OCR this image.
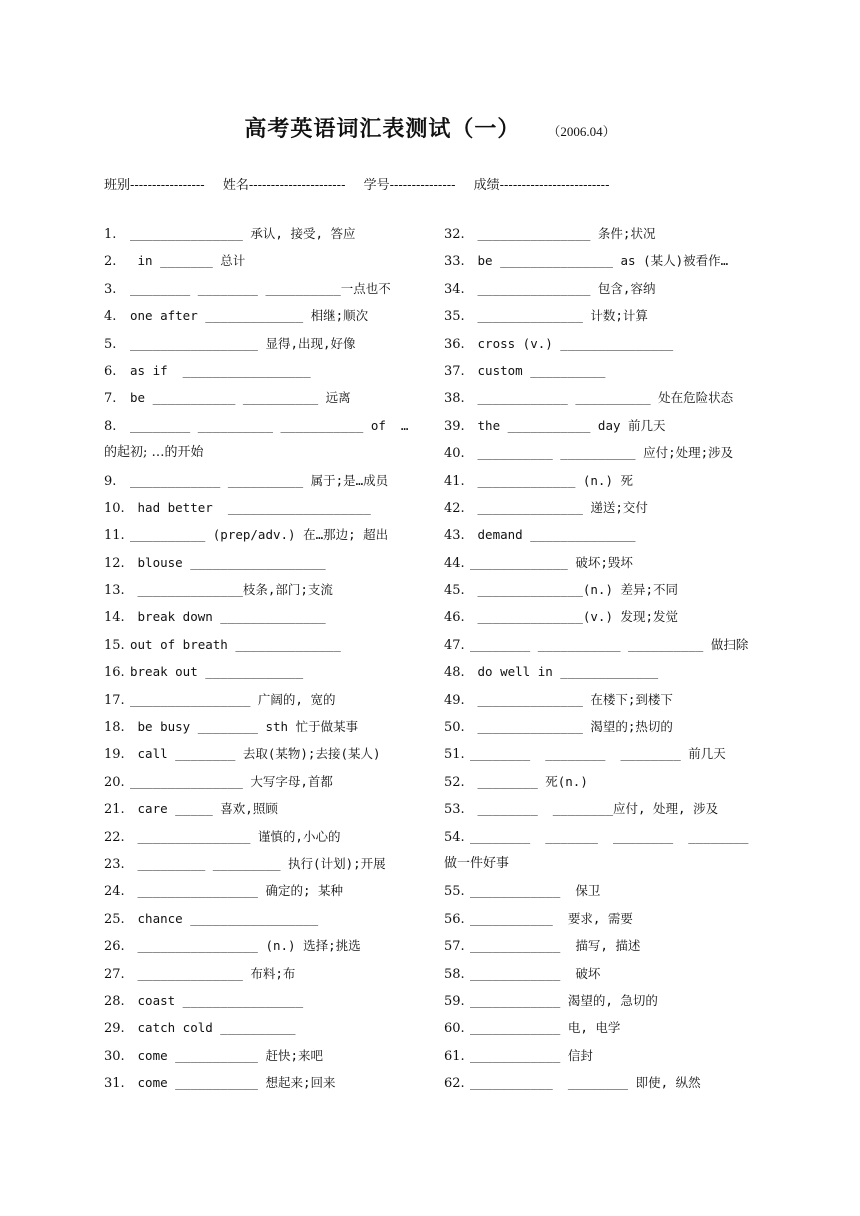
高考英语词汇表测试（一） （2006.04）
班别----------------- 姓名---------------------- 学号--------------- 成绩-------------------------
1. _______________ 承认, 接受, 答应
2. in _______ 总计
3. ________ ________ __________一点也不
4. one after _____________ 相继;顺次
5. _________________ 显得,出现,好像
6. as if  _________________
7. be ___________ __________ 远离
8. ________ __________ ___________ of  …
的起初; …的开始
9. ____________ __________ 属于;是…成员
10. had better  ___________________
11. __________ (prep/adv.) 在…那边; 超出
12. blouse __________________
13. ______________枝条,部门;支流
14. break down ______________
15. out of breath ______________
16. break out _____________
17. ________________ 广阔的, 宽的
18. be busy ________ sth 忙于做某事
19. call ________ 去取(某物);去接(某人)
20. _______________ 大写字母,首都
21. care _____ 喜欢,照顾
22. _______________ 谨慎的,小心的
23. _________ _________ 执行(计划);开展
24. ________________ 确定的; 某种
25. chance _________________
26. ________________ (n.) 选择;挑选
27. ______________ 布料;布
28. coast ________________
29. catch cold __________
30. come ___________ 赶快;来吧
31. come ___________ 想起来;回来
32. _______________ 条件;状况
33. be _______________ as (某人)被看作…
34. _______________ 包含,容纳
35. ______________ 计数;计算
36. cross (v.) _______________
37. custom __________
38. ____________ __________ 处在危险状态
39. the ___________ day 前几天
40. __________ __________ 应付;处理;涉及
41. _____________ (n.) 死
42. ______________ 递送;交付
43. demand ______________
44. _____________ 破坏;毁坏
45. ______________(n.) 差异;不同
46. ______________(v.) 发现;发觉
47. ________ ___________ __________ 做扫除
48. do well in _____________
49. ______________ 在楼下;到楼下
50. ______________ 渴望的;热切的
51. ________  ________  ________ 前几天
52. ________ 死(n.)
53. ________  ________应付, 处理, 涉及
54. ________  _______  ________  ________
做一件好事
55. ____________  保卫
56. ___________  要求, 需要
57. ____________  描写, 描述
58. ____________  破坏
59. ____________ 渴望的, 急切的
60. ____________ 电, 电学
61. ____________ 信封
62. ___________  ________ 即使, 纵然
